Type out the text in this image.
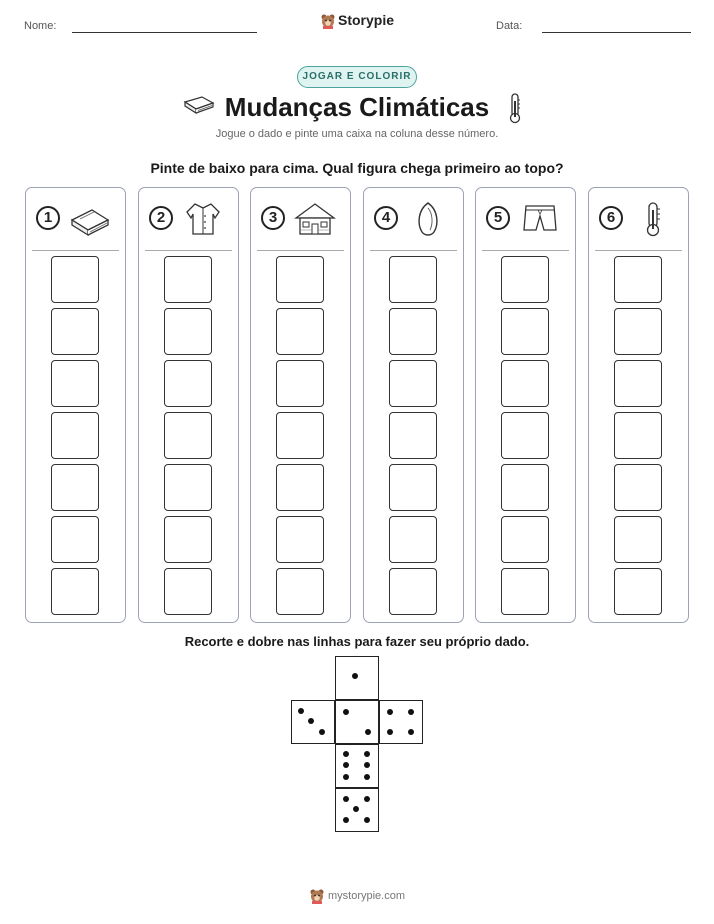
Nome:	Storypie	Data:
JOGAR E COLORIR
Mudanças Climáticas
Jogue o dado e pinte uma caixa na coluna desse número.
Pinte de baixo para cima. Qual figura chega primeiro ao topo?
1	2	3	4	5	6
Recorte e dobre nas linhas para fazer seu próprio dado.
mystorypie.com
